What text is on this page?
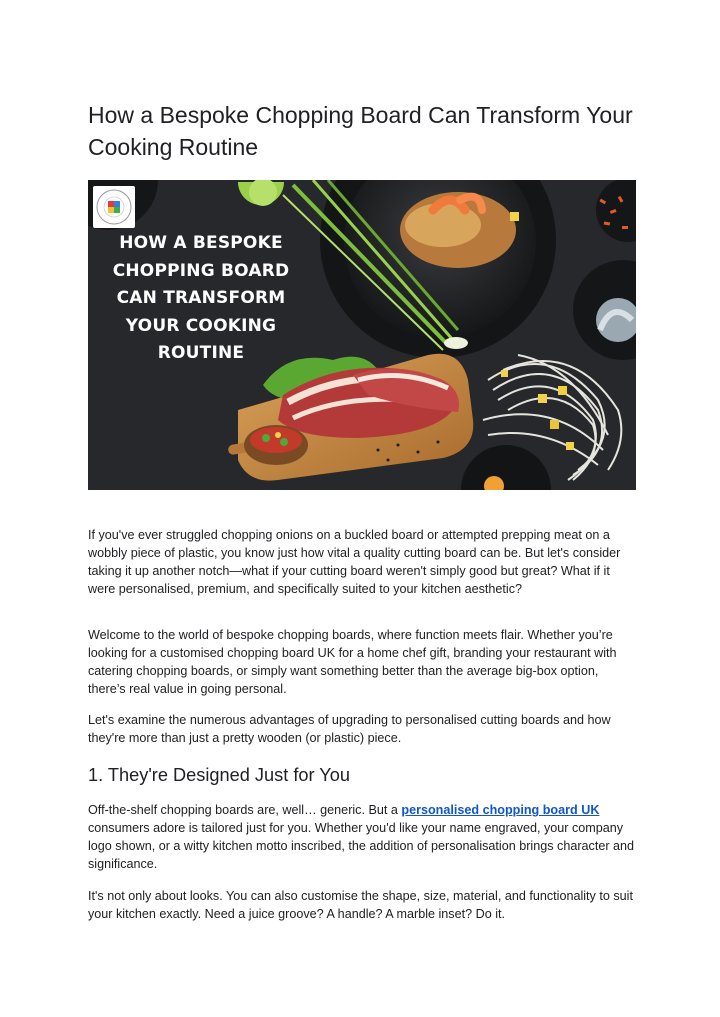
How a Bespoke Chopping Board Can Transform Your Cooking Routine
HOW A BESPOKE
CHOPPING BOARD
CAN TRANSFORM
YOUR COOKING
ROUTINE

If you've ever struggled chopping onions on a buckled board or attempted prepping meat on a wobbly piece of plastic, you know just how vital a quality cutting board can be. But let's consider taking it up another notch—what if your cutting board weren't simply good but great? What if it were personalised, premium, and specifically suited to your kitchen aesthetic?

Welcome to the world of bespoke chopping boards, where function meets flair. Whether you’re looking for a customised chopping board UK for a home chef gift, branding your restaurant with catering chopping boards, or simply want something better than the average big-box option, there’s real value in going personal.

Let's examine the numerous advantages of upgrading to personalised cutting boards and how they're more than just a pretty wooden (or plastic) piece.

1. They're Designed Just for You

Off-the-shelf chopping boards are, well… generic. But a personalised chopping board UK consumers adore is tailored just for you. Whether you'd like your name engraved, your company logo shown, or a witty kitchen motto inscribed, the addition of personalisation brings character and significance.

It's not only about looks. You can also customise the shape, size, material, and functionality to suit your kitchen exactly. Need a juice groove? A handle? A marble inset? Do it.
